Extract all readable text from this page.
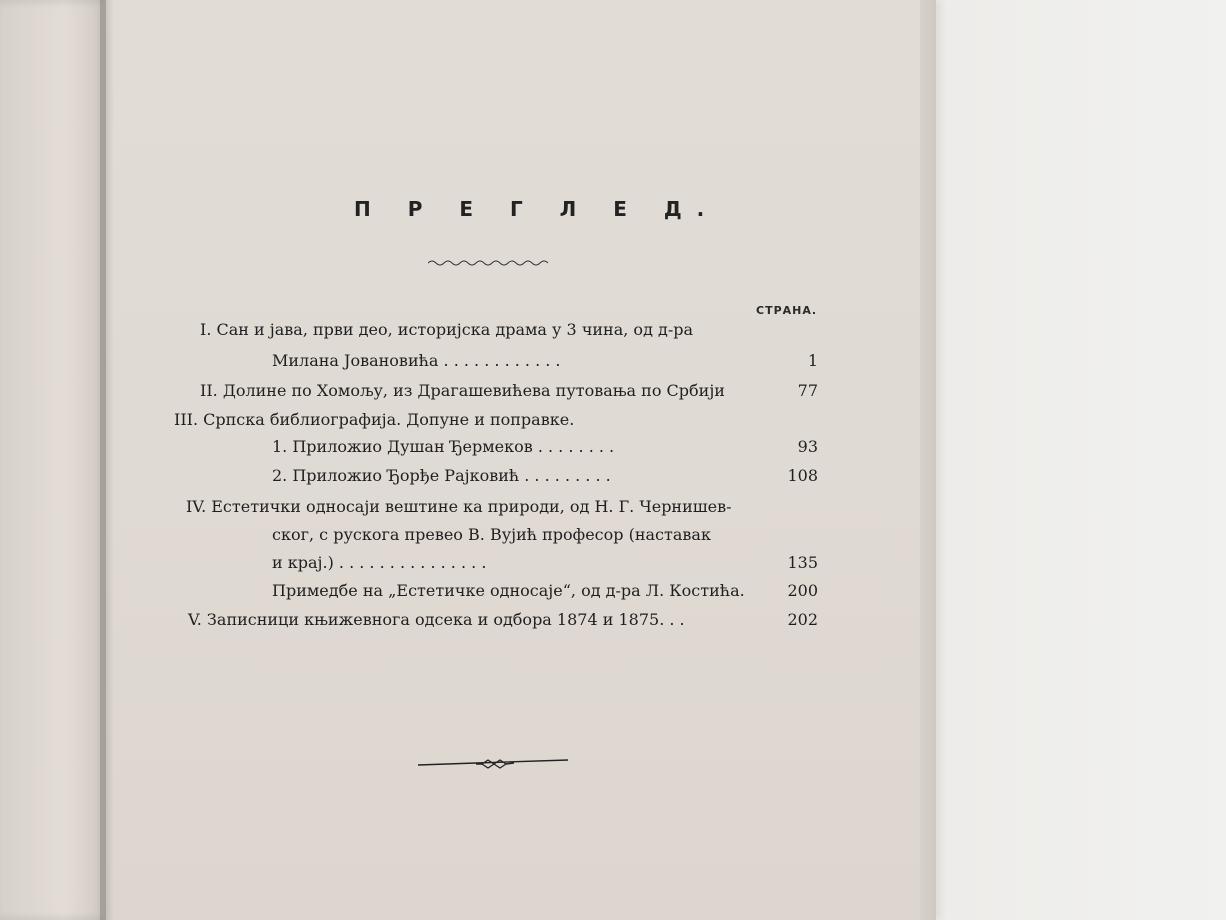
П Р Е Г Л Е Д.
СТРАНА.
I. Сан и јава, први део, историјска драма у 3 чина, од д-ра
Милана Јовановића . . . . . . . . . . . .	1
II. Долине по Хомољу, из Драгашевићева путовања по Србији	77
III. Српска библиографија. Допуне и поправке.
1. Приложио Душан Ђермеков . . . . . . . .	93
2. Приложио Ђорђе Рајковић . . . . . . . . .	108
IV. Естетички односаји вештине ка природи, од Н. Г. Чернишев-
ског, с рускога превео В. Вујић професор (наставак
и крај.) . . . . . . . . . . . . . . .	135
Примедбе на „Естетичке односаје“, од д-ра Л. Костића.	200
V. Записници књижевнога одсека и одбора 1874 и 1875. . .	202
